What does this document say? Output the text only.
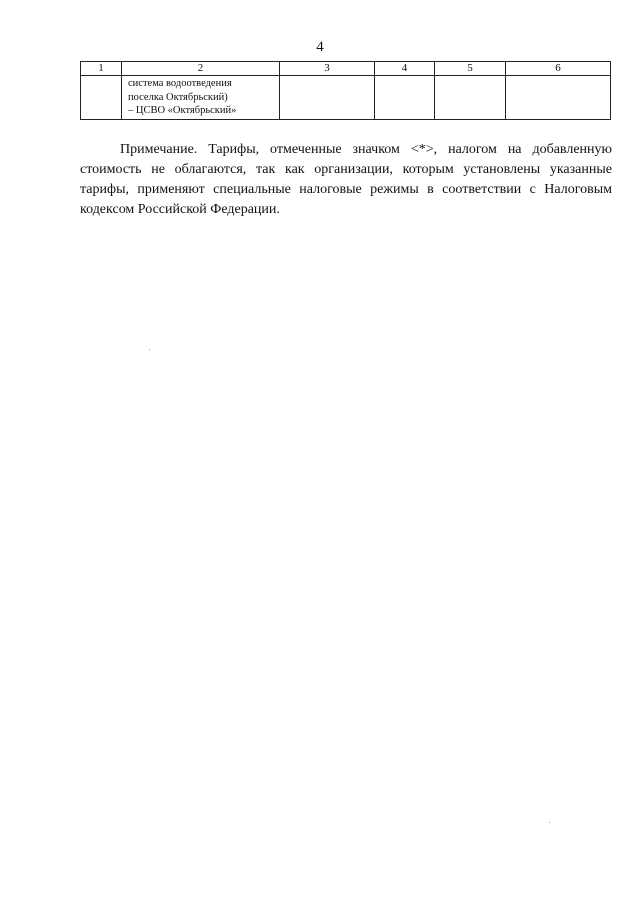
4
1	2	3	4	5	6

	система водоотведения
поселка Октябрьский)
– ЦСВО «Октябрьский»				

Примечание. Тарифы, отмеченные значком <*>, налогом на добавленную стоимость не облагаются, так как организации, которым установлены указанные тарифы, применяют специальные налоговые режимы в соответствии с Налоговым кодексом Российской Федерации.
